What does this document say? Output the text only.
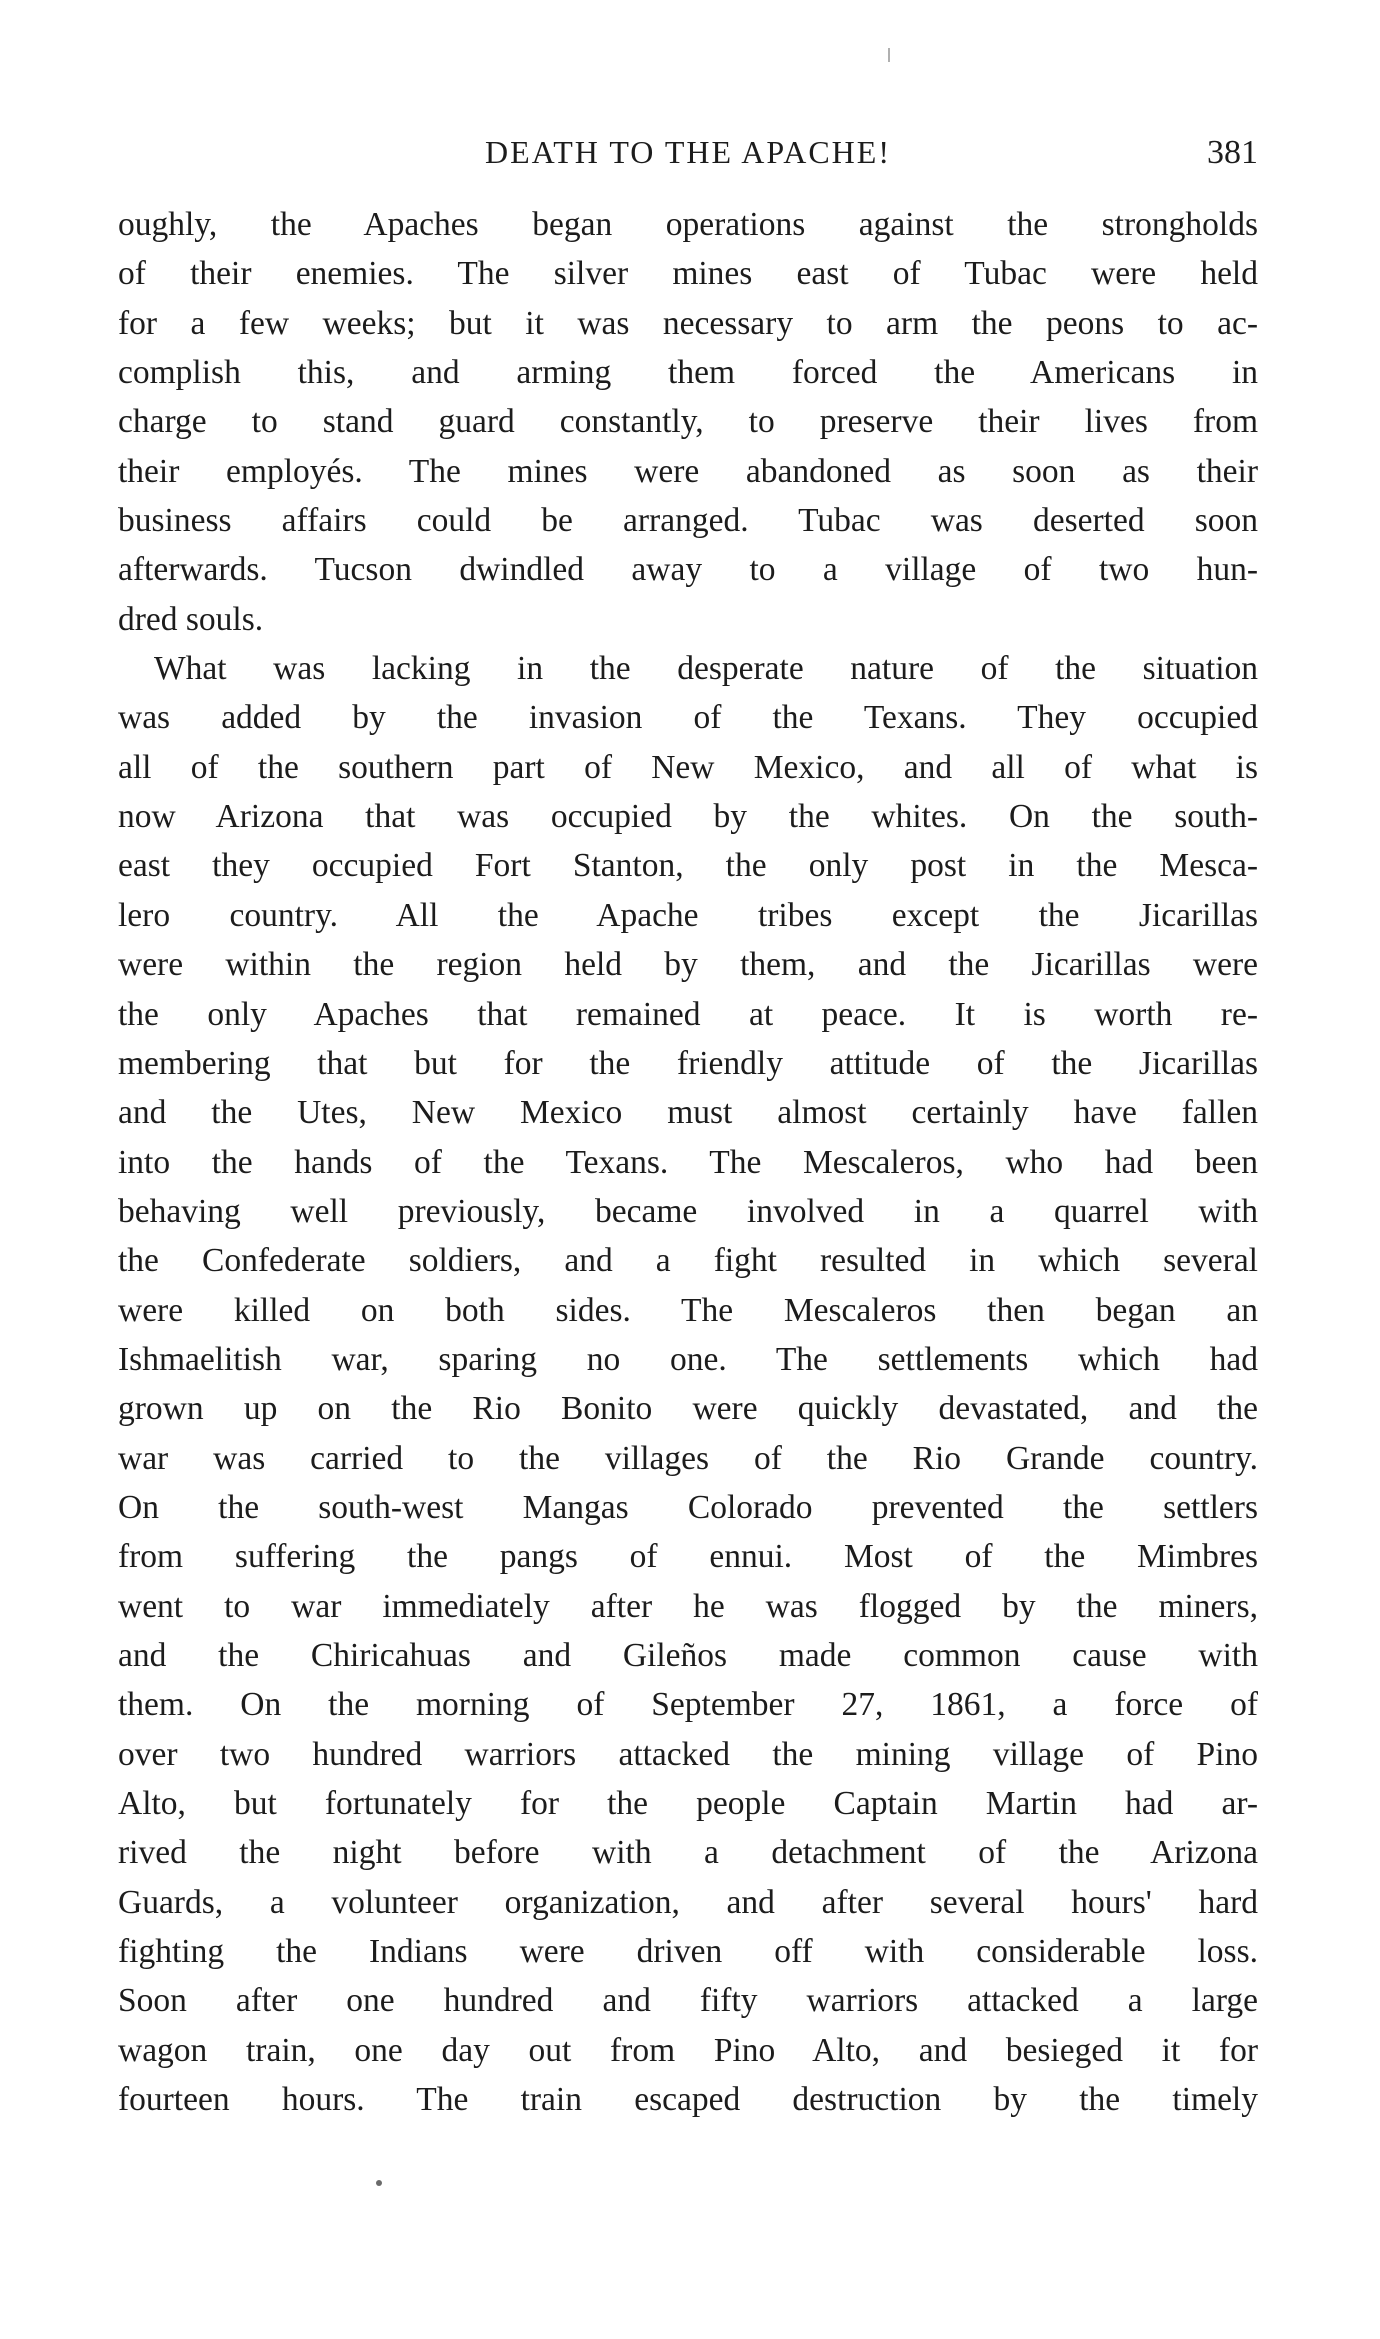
DEATH TO THE APACHE!	381
oughly, the Apaches began operations against the strongholds
of their enemies. The silver mines east of Tubac were held
for a few weeks; but it was necessary to arm the peons to ac-
complish this, and arming them forced the Americans in
charge to stand guard constantly, to preserve their lives from
their employés. The mines were abandoned as soon as their
business affairs could be arranged. Tubac was deserted soon
afterwards. Tucson dwindled away to a village of two hun-
dred souls.
What was lacking in the desperate nature of the situation
was added by the invasion of the Texans. They occupied
all of the southern part of New Mexico, and all of what is
now Arizona that was occupied by the whites. On the south-
east they occupied Fort Stanton, the only post in the Mesca-
lero country. All the Apache tribes except the Jicarillas
were within the region held by them, and the Jicarillas were
the only Apaches that remained at peace. It is worth re-
membering that but for the friendly attitude of the Jicarillas
and the Utes, New Mexico must almost certainly have fallen
into the hands of the Texans. The Mescaleros, who had been
behaving well previously, became involved in a quarrel with
the Confederate soldiers, and a fight resulted in which several
were killed on both sides. The Mescaleros then began an
Ishmaelitish war, sparing no one. The settlements which had
grown up on the Rio Bonito were quickly devastated, and the
war was carried to the villages of the Rio Grande country.
On the south-west Mangas Colorado prevented the settlers
from suffering the pangs of ennui. Most of the Mimbres
went to war immediately after he was flogged by the miners,
and the Chiricahuas and Gileños made common cause with
them. On the morning of September 27, 1861, a force of
over two hundred warriors attacked the mining village of Pino
Alto, but fortunately for the people Captain Martin had ar-
rived the night before with a detachment of the Arizona
Guards, a volunteer organization, and after several hours' hard
fighting the Indians were driven off with considerable loss.
Soon after one hundred and fifty warriors attacked a large
wagon train, one day out from Pino Alto, and besieged it for
fourteen hours. The train escaped destruction by the timely
